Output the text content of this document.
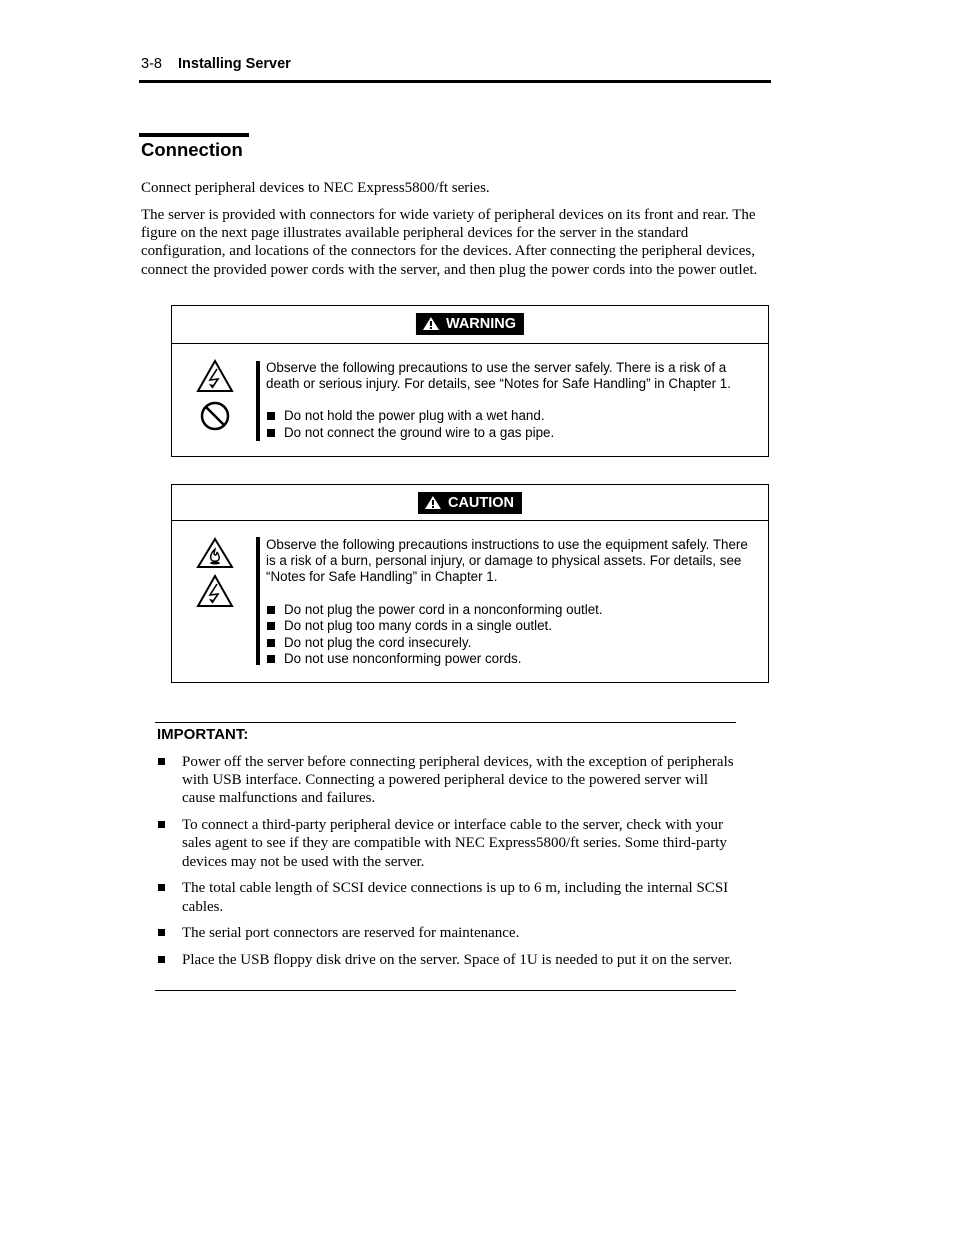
3-8 Installing Server
Connection

Connect peripheral devices to NEC Express5800/ft series.

The server is provided with connectors for wide variety of peripheral devices on its front and rear. The figure on the next page illustrates available peripheral devices for the server in the standard configuration, and locations of the connectors for the devices. After connecting the peripheral devices, connect the provided power cords with the server, and then plug the power cords into the power outlet.

WARNING

Observe the following precautions to use the server safely. There is a risk of a death or serious injury. For details, see “Notes for Safe Handling” in Chapter 1.

Do not hold the power plug with a wet hand.
Do not connect the ground wire to a gas pipe.
CAUTION

Observe the following precautions instructions to use the equipment safely. There is a risk of a burn, personal injury, or damage to physical assets. For details, see “Notes for Safe Handling” in Chapter 1.

Do not plug the power cord in a nonconforming outlet.
Do not plug too many cords in a single outlet.
Do not plug the cord insecurely.
Do not use nonconforming power cords.
IMPORTANT:
Power off the server before connecting peripheral devices, with the exception of peripherals with USB interface. Connecting a powered peripheral device to the powered server will cause malfunctions and failures.
To connect a third-party peripheral device or interface cable to the server, check with your sales agent to see if they are compatible with NEC Express5800/ft series. Some third-party devices may not be used with the server.
The total cable length of SCSI device connections is up to 6 m, including the internal SCSI cables.
The serial port connectors are reserved for maintenance.
Place the USB floppy disk drive on the server. Space of 1U is needed to put it on the server.
